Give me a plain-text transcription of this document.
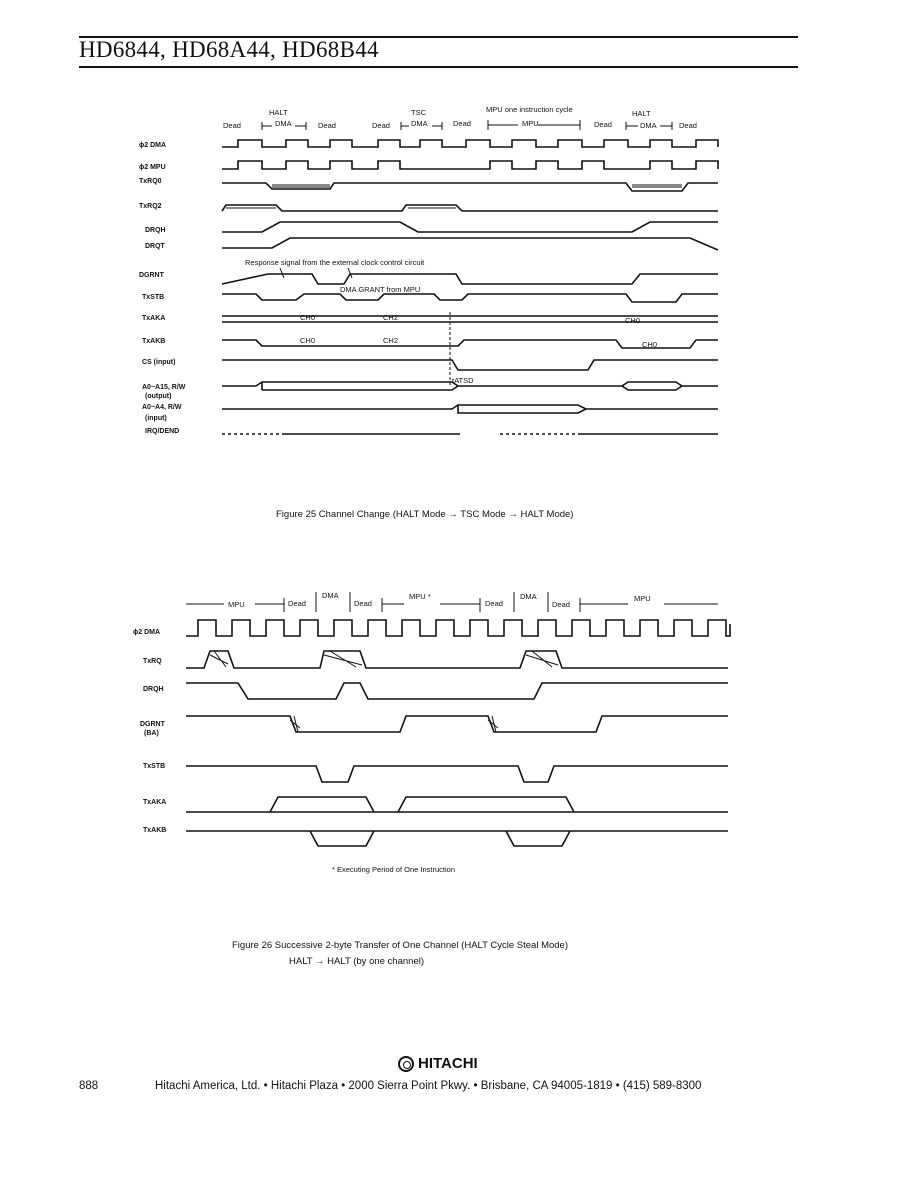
HD6844, HD68A44, HD68B44
Dead
HALT
DMA	Dead	Dead
TSC
DMA	Dead
MPU one instruction cycle
MPU	Dead
HALT
DMA	Dead
ϕ2 DMA
ϕ2 MPU
TxRQ0
TxRQ2
DRQH
DRQT
DGRNT
TxSTB
TxAKA
TxAKB
CS (input)
A0~A15, R/W
(output)
A0~A4, R/W
(input)
IRQ/DEND
Response signal from the external clock control circuit
DMA GRANT from MPU
CH0	CH2	CH0
CH0	CH2	CH0
tATSD
Figure 25 Channel Change (HALT Mode → TSC Mode → HALT Mode)
MPU	Dead
DMA
Dead
MPU *
Dead
DMA
Dead
MPU
ϕ2 DMA
TxRQ
DRQH
DGRNT
(BA)
TxSTB
TxAKA
TxAKB
* Executing Period of One Instruction
Figure 26 Successive 2-byte Transfer of One Channel (HALT Cycle Steal Mode)
HALT → HALT (by one channel)
HITACHI
888	Hitachi America, Ltd. • Hitachi Plaza • 2000 Sierra Point Pkwy. • Brisbane, CA 94005-1819 • (415) 589-8300
